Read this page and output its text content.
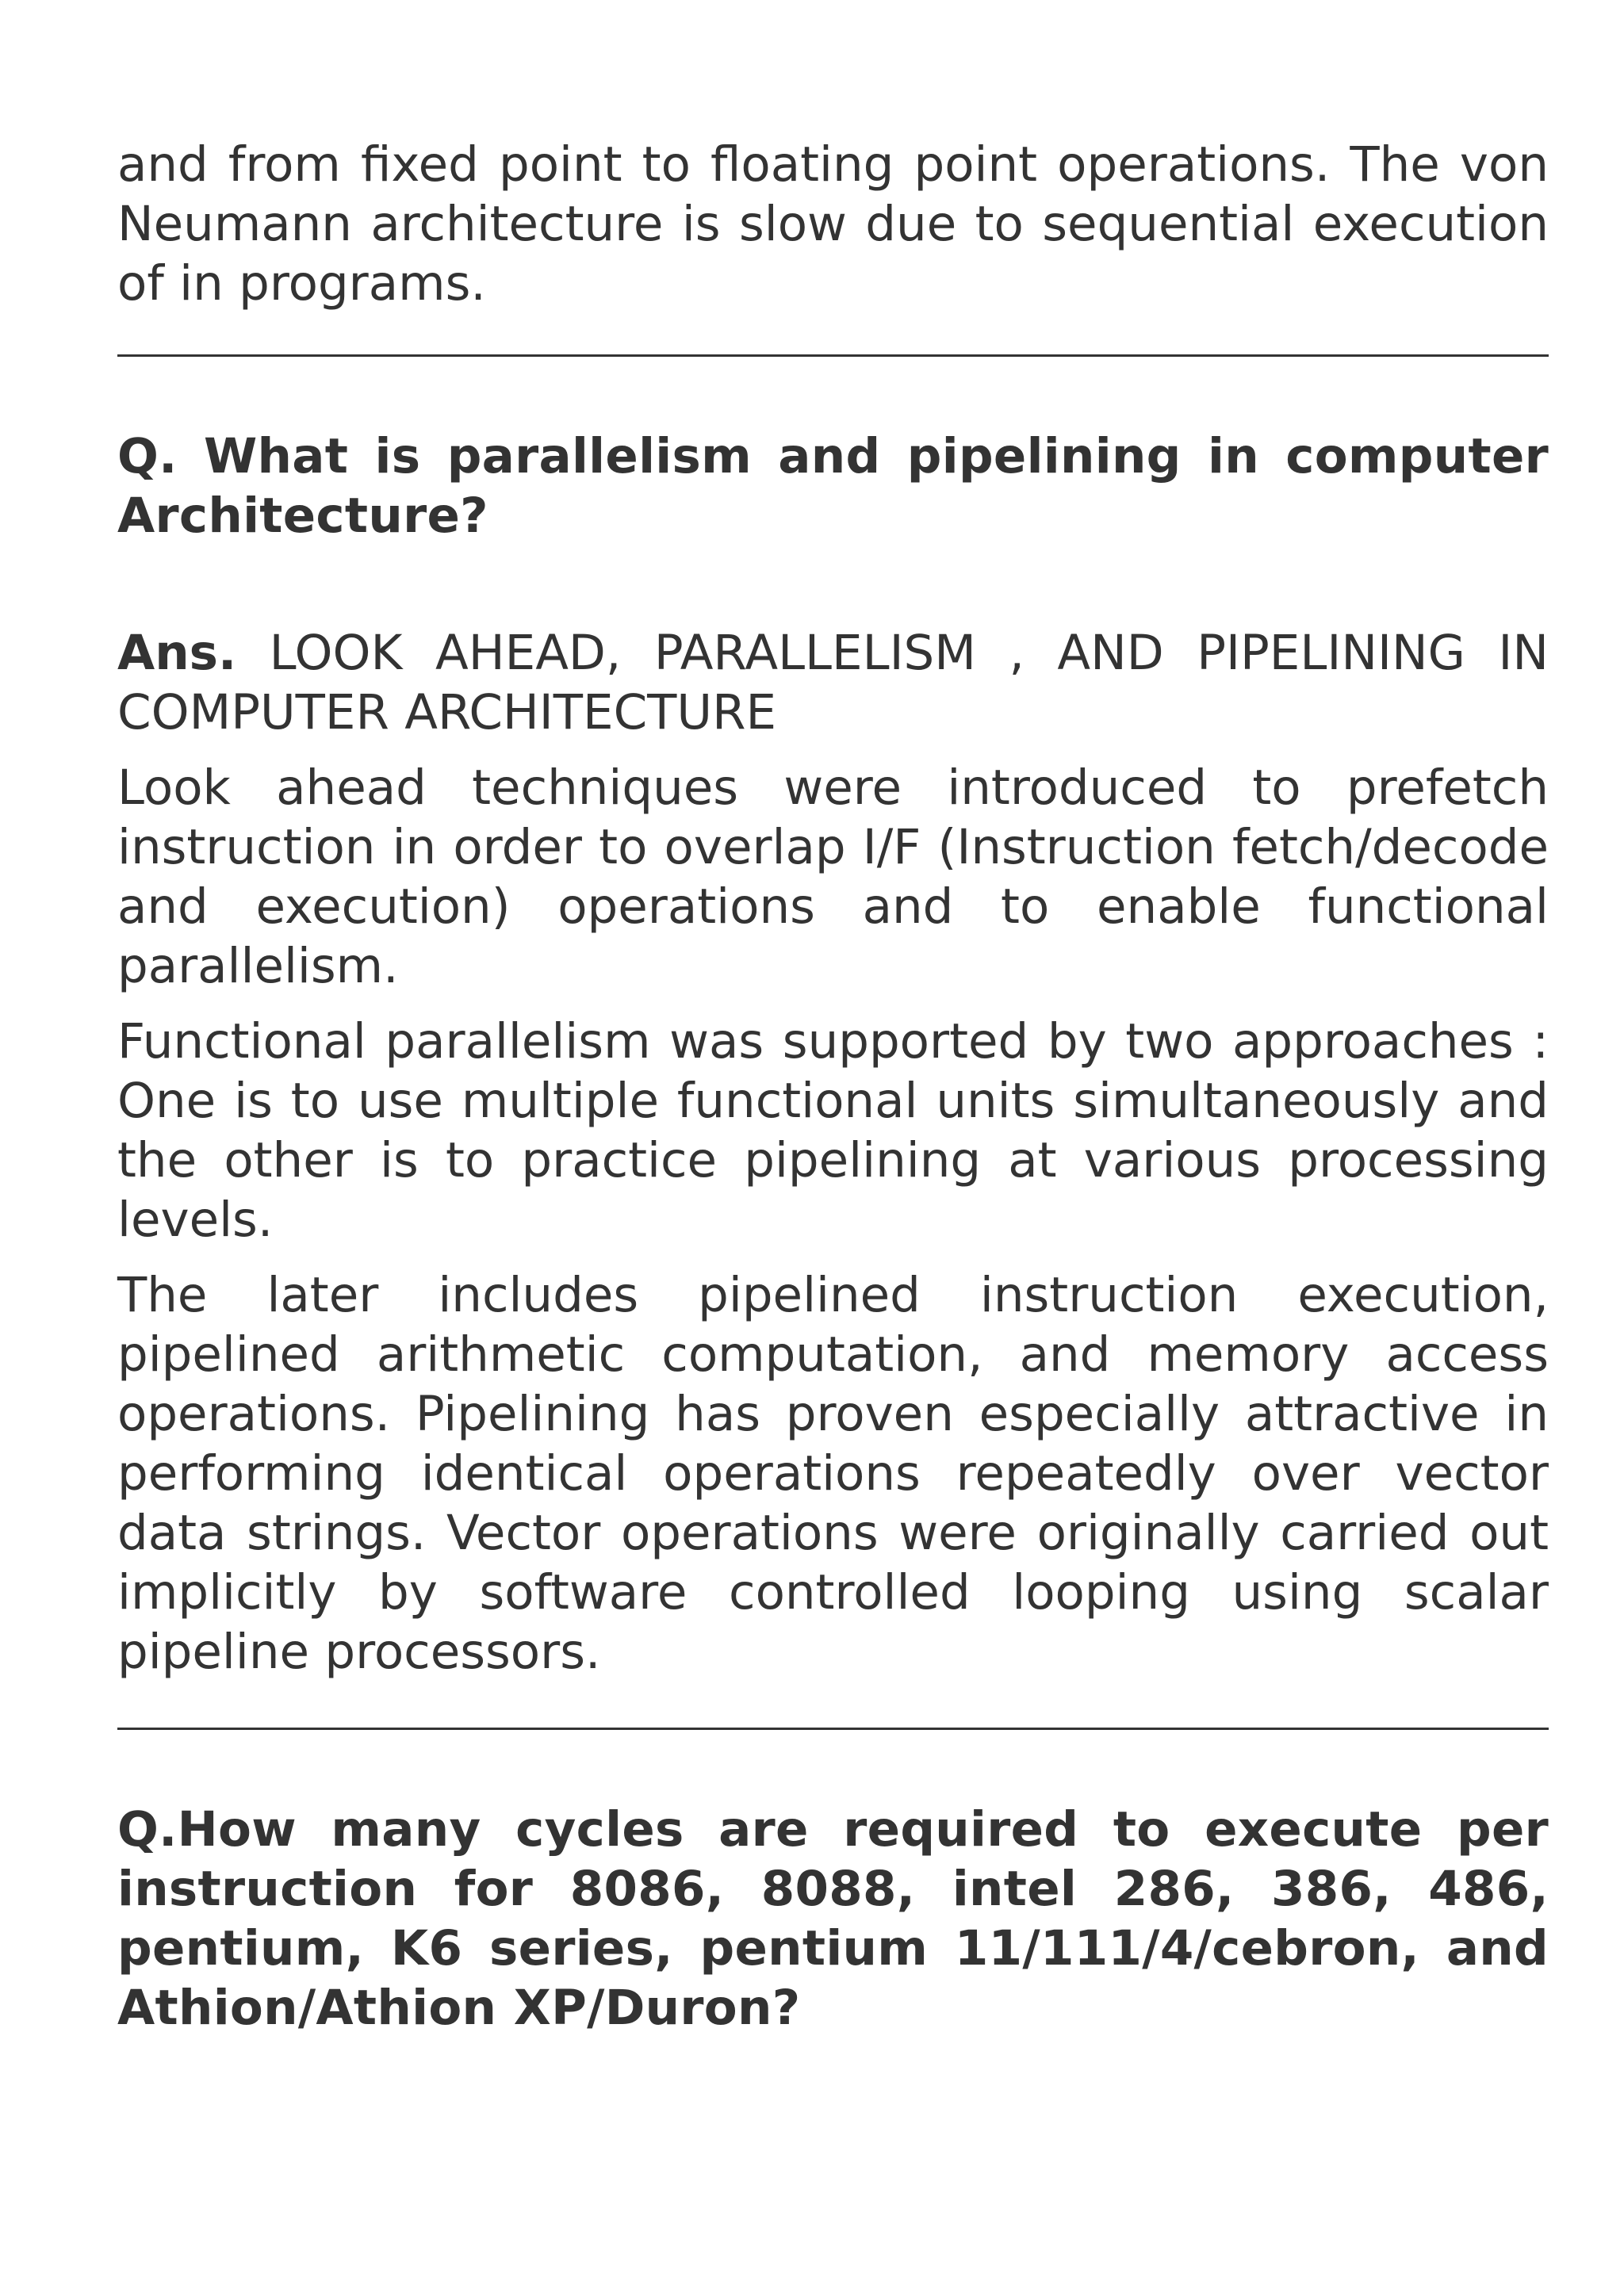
and from fixed point to floating point operations. The von Neumann architecture is slow due to sequential execution of in programs.

Q. What is parallelism and pipelining in computer Architecture?

Ans. LOOK AHEAD, PARALLELISM , AND PIPELINING IN COMPUTER ARCHITECTURE

Look ahead techniques were introduced to prefetch instruction in order to overlap I/F (Instruction fetch/decode and execution) operations and to enable functional parallelism.

Functional parallelism was supported by two approaches : One is to use multiple functional units simultaneously and the other is to practice pipelining at various processing levels.

The later includes pipelined instruction execution, pipelined arithmetic computation, and memory access operations. Pipelining has proven especially attractive in performing identical operations repeatedly over vector data strings. Vector operations were originally carried out implicitly by software controlled looping using scalar pipeline processors.

Q.How many cycles are required to execute per instruction for 8086, 8088, intel 286, 386, 486, pentium, K6 series, pentium 11/111/4/cebron, and Athion/Athion XP/Duron?
